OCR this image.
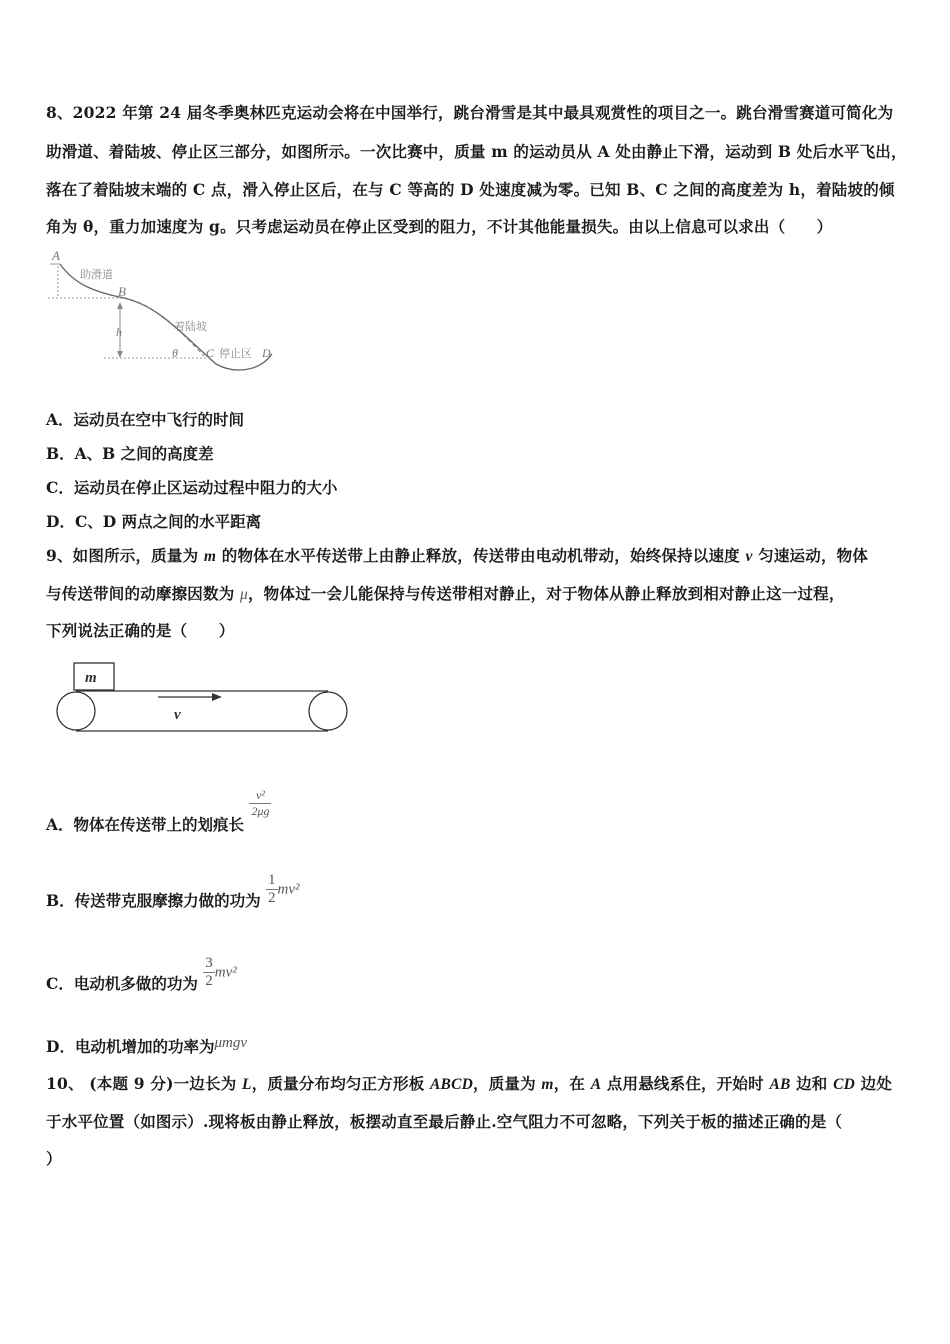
8、2022 年第 24 届冬季奥林匹克运动会将在中国举行，跳台滑雪是其中最具观赏性的项目之一。跳台滑雪赛道可简化为
助滑道、着陆坡、停止区三部分，如图所示。一次比赛中，质量 m 的运动员从 A 处由静止下滑，运动到 B 处后水平飞出，
落在了着陆坡末端的 C 点，滑入停止区后，在与 C 等高的 D 处速度减为零。已知 B、C 之间的高度差为 h，着陆坡的倾
角为 θ，重力加速度为 g。只考虑运动员在停止区受到的阻力，不计其他能量损失。由以上信息可以求出（　　）
A
助滑道
B
着陆坡
h
θ C 停止区 D
A．运动员在空中飞行的时间
B．A、B 之间的高度差
C．运动员在停止区运动过程中阻力的大小
D．C、D 两点之间的水平距离
9、如图所示，质量为 m 的物体在水平传送带上由静止释放，传送带由电动机带动，始终保持以速度 v 匀速运动，物体
与传送带间的动摩擦因数为 μ，物体过一会儿能保持与传送带相对静止，对于物体从静止释放到相对静止这一过程，
下列说法正确的是（　　）
m
v
A．物体在传送带上的划痕长
$\frac{\text{v²}}{2\mu g}$
B．传送带克服摩擦力做的功为 $\frac{1}{2} mv^2$
C．电动机多做的功为 $\frac{3}{2} mv^2$
D．电动机增加的功率为μmgv
10、 (本题 9 分)一边长为 L，质量分布均匀正方形板 ABCD，质量为 m，在 A 点用悬线系住，开始时 AB 边和 CD 边处
于水平位置（如图示）.现将板由静止释放，板摆动直至最后静止.空气阻力不可忽略，下列关于板的描述正确的是（
）
